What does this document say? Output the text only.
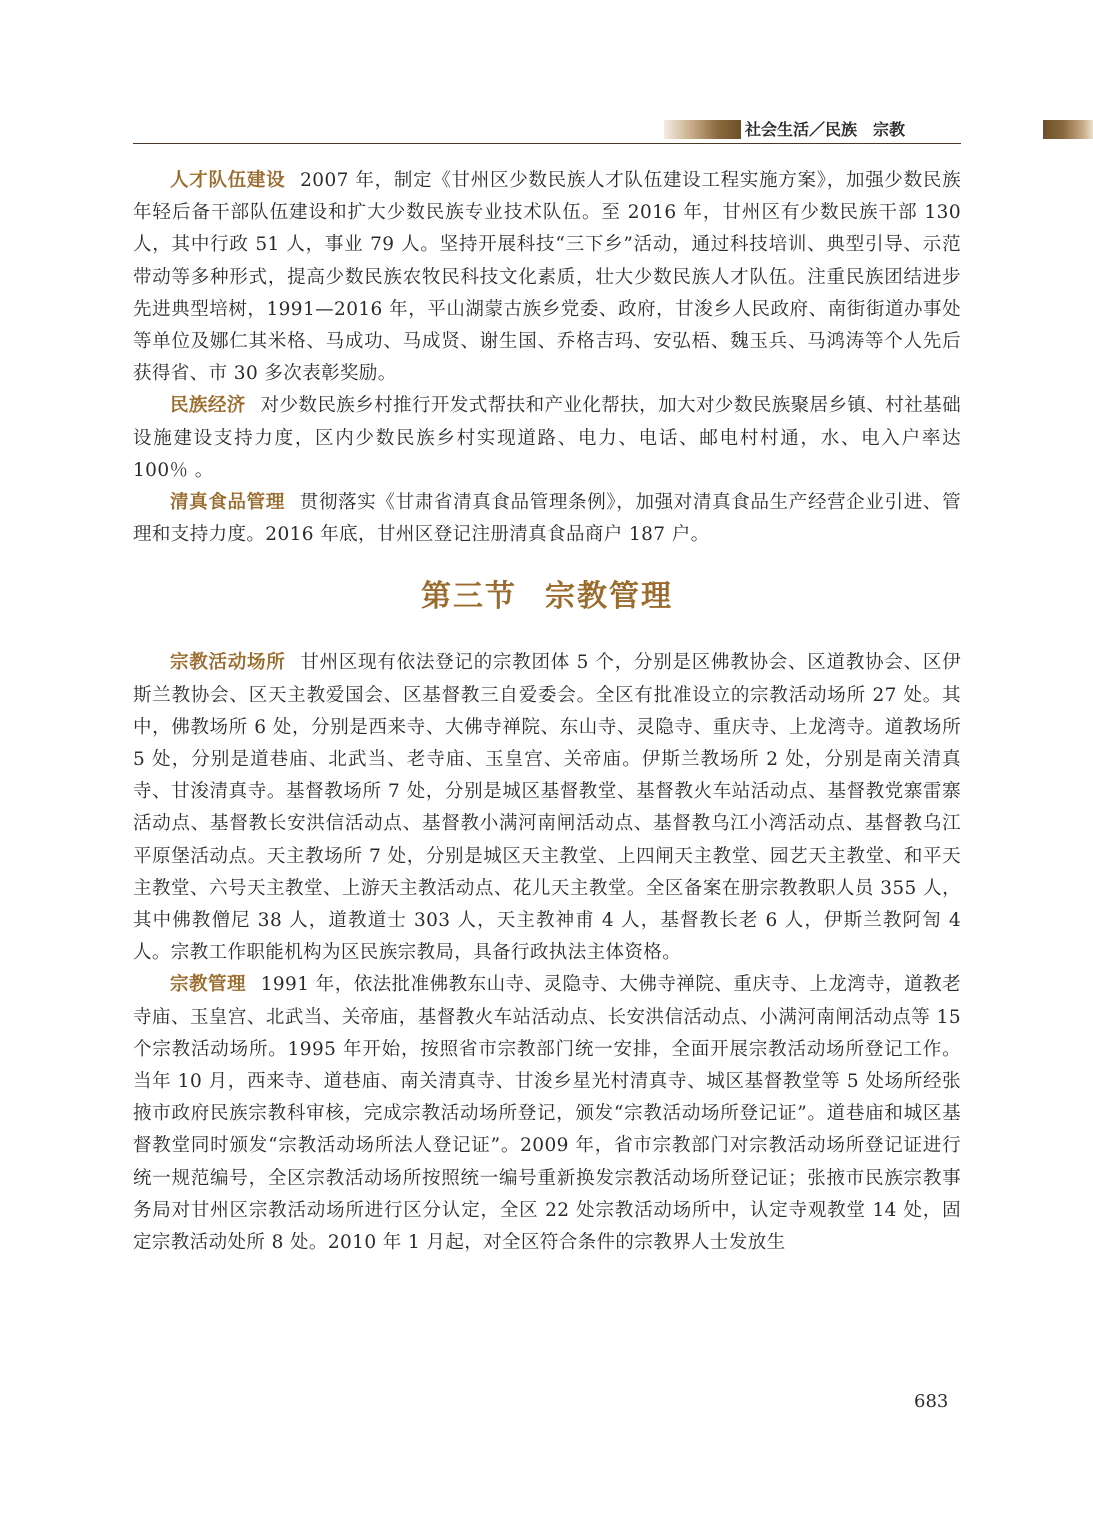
社会生活／民族　宗教

人才队伍建设 2007 年，制定《甘州区少数民族人才队伍建设工程实施方案》，加强少数民族年轻后备干部队伍建设和扩大少数民族专业技术队伍。至 2016 年，甘州区有少数民族干部 130 人，其中行政 51 人，事业 79 人。坚持开展科技“三下乡”活动，通过科技培训、典型引导、示范带动等多种形式，提高少数民族农牧民科技文化素质，壮大少数民族人才队伍。注重民族团结进步先进典型培树，1991—2016 年，平山湖蒙古族乡党委、政府，甘浚乡人民政府、南街街道办事处等单位及娜仁其米格、马成功、马成贤、谢生国、乔格吉玛、安弘梧、魏玉兵、马鸿涛等个人先后获得省、市 30 多次表彰奖励。

民族经济 对少数民族乡村推行开发式帮扶和产业化帮扶，加大对少数民族聚居乡镇、村社基础设施建设支持力度，区内少数民族乡村实现道路、电力、电话、邮电村村通，水、电入户率达 100％ 。

清真食品管理 贯彻落实《甘肃省清真食品管理条例》，加强对清真食品生产经营企业引进、管理和支持力度。2016 年底，甘州区登记注册清真食品商户 187 户。

第三节 宗教管理

宗教活动场所 甘州区现有依法登记的宗教团体 5 个，分别是区佛教协会、区道教协会、区伊斯兰教协会、区天主教爱国会、区基督教三自爱委会。全区有批准设立的宗教活动场所 27 处。其中，佛教场所 6 处，分别是西来寺、大佛寺禅院、东山寺、灵隐寺、重庆寺、上龙湾寺。道教场所 5 处，分别是道巷庙、北武当、老寺庙、玉皇宫、关帝庙。伊斯兰教场所 2 处，分别是南关清真寺、甘浚清真寺。基督教场所 7 处，分别是城区基督教堂、基督教火车站活动点、基督教党寨雷寨活动点、基督教长安洪信活动点、基督教小满河南闸活动点、基督教乌江小湾活动点、基督教乌江平原堡活动点。天主教场所 7 处，分别是城区天主教堂、上四闸天主教堂、园艺天主教堂、和平天主教堂、六号天主教堂、上游天主教活动点、花儿天主教堂。全区备案在册宗教教职人员 355 人，其中佛教僧尼 38 人，道教道士 303 人，天主教神甫 4 人，基督教长老 6 人，伊斯兰教阿訇 4 人。宗教工作职能机构为区民族宗教局，具备行政执法主体资格。

宗教管理 1991 年，依法批准佛教东山寺、灵隐寺、大佛寺禅院、重庆寺、上龙湾寺，道教老寺庙、玉皇宫、北武当、关帝庙，基督教火车站活动点、长安洪信活动点、小满河南闸活动点等 15 个宗教活动场所。1995 年开始，按照省市宗教部门统一安排，全面开展宗教活动场所登记工作。当年 10 月，西来寺、道巷庙、南关清真寺、甘浚乡星光村清真寺、城区基督教堂等 5 处场所经张掖市政府民族宗教科审核，完成宗教活动场所登记，颁发“宗教活动场所登记证”。道巷庙和城区基督教堂同时颁发“宗教活动场所法人登记证”。2009 年，省市宗教部门对宗教活动场所登记证进行统一规范编号，全区宗教活动场所按照统一编号重新换发宗教活动场所登记证；张掖市民族宗教事务局对甘州区宗教活动场所进行区分认定，全区 22 处宗教活动场所中，认定寺观教堂 14 处，固定宗教活动处所 8 处。2010 年 1 月起，对全区符合条件的宗教界人士发放生

683
